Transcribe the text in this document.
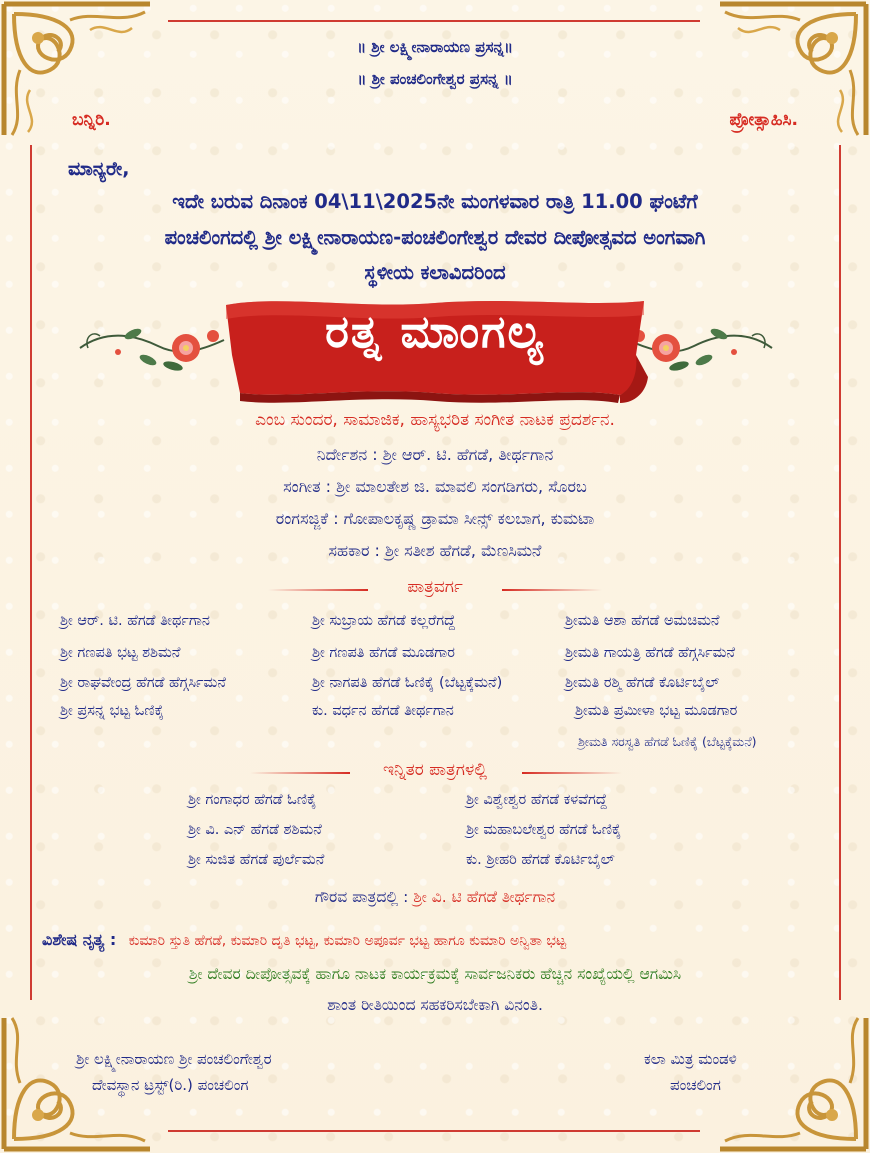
॥ ಶ್ರೀ ಲಕ್ಷ್ಮೀನಾರಾಯಣ ಪ್ರಸನ್ನ॥
॥ ಶ್ರೀ ಪಂಚಲಿಂಗೇಶ್ವರ ಪ್ರಸನ್ನ ॥
ಬನ್ನಿರಿ.	ಪ್ರೋತ್ಸಾಹಿಸಿ.
ಮಾನ್ಯರೇ,
ಇದೇ ಬರುವ ದಿನಾಂಕ 04\11\2025ನೇ ಮಂಗಳವಾರ ರಾತ್ರಿ 11.00 ಘಂಟೆಗೆ
ಪಂಚಲಿಂಗದಲ್ಲಿ ಶ್ರೀ ಲಕ್ಷ್ಮೀನಾರಾಯಣ-ಪಂಚಲಿಂಗೇಶ್ವರ ದೇವರ ದೀಪೋತ್ಸವದ ಅಂಗವಾಗಿ
ಸ್ಥಳೀಯ ಕಲಾವಿದರಿಂದ
ರತ್ನ ಮಾಂಗಲ್ಯ
ಎಂಬ ಸುಂದರ, ಸಾಮಾಜಿಕ, ಹಾಸ್ಯಭರಿತ ಸಂಗೀತ ನಾಟಕ ಪ್ರದರ್ಶನ.
ನಿರ್ದೇಶನ : ಶ್ರೀ ಆರ್. ಟಿ. ಹೆಗಡೆ, ತೀರ್ಥಗಾನ
ಸಂಗೀತ : ಶ್ರೀ ಮಾಲತೇಶ ಜಿ. ಮಾವಲಿ ಸಂಗಡಿಗರು, ಸೊರಬ
ರಂಗಸಜ್ಜಿಕೆ : ಗೋಪಾಲಕೃಷ್ಣ ಡ್ರಾಮಾ ಸೀನ್ಸ್ ಕಲಬಾಗ, ಕುಮಟಾ
ಸಹಕಾರ : ಶ್ರೀ ಸತೀಶ ಹೆಗಡೆ, ಮೆಣಸಿಮನೆ
ಪಾತ್ರವರ್ಗ
ಶ್ರೀ ಆರ್. ಟಿ. ಹೆಗಡೆ ತೀರ್ಥಗಾನ
ಶ್ರೀ ಗಣಪತಿ ಭಟ್ಟ ಶಶಿಮನೆ
ಶ್ರೀ ರಾಘವೇಂದ್ರ ಹೆಗಡೆ ಹೆಗ್ಗರ್ಸಿಮನೆ
ಶ್ರೀ ಪ್ರಸನ್ನ ಭಟ್ಟ ಓಣಿಕೈ
ಶ್ರೀ ಸುಬ್ರಾಯ ಹೆಗಡೆ ಕಲ್ಲರೆಗದ್ದೆ
ಶ್ರೀ ಗಣಪತಿ ಹೆಗಡೆ ಮೂಡಗಾರ
ಶ್ರೀ ನಾಗಪತಿ ಹೆಗಡೆ ಓಣಿಕೈ (ಬೆಟ್ಟಕ್ಕೆಮನೆ)
ಕು. ವರ್ಧನ ಹೆಗಡೆ ತೀರ್ಥಗಾನ
ಶ್ರೀಮತಿ ಆಶಾ ಹೆಗಡೆ ಅಮಚಿಮನೆ
ಶ್ರೀಮತಿ ಗಾಯತ್ರಿ ಹೆಗಡೆ ಹೆಗ್ಗರ್ಸಿಮನೆ
ಶ್ರೀಮತಿ ರಶ್ಮಿ ಹೆಗಡೆ ಕೊರ್ಟಿಬೈಲ್
ಶ್ರೀಮತಿ ಪ್ರಮೀಳಾ ಭಟ್ಟ ಮೂಡಗಾರ
ಶ್ರೀಮತಿ ಸರಸ್ವತಿ ಹೆಗಡೆ ಓಣಿಕೈ (ಬೆಟ್ಟಕ್ಕೆಮನೆ)
ಇನ್ನಿತರ ಪಾತ್ರಗಳಲ್ಲಿ
ಶ್ರೀ ಗಂಗಾಧರ ಹೆಗಡೆ ಓಣಿಕೈ
ಶ್ರೀ ವಿ. ಎನ್ ಹೆಗಡೆ ಶಶಿಮನೆ
ಶ್ರೀ ಸುಜಿತ ಹೆಗಡೆ ಪುರ್ಲೆಮನೆ
ಶ್ರೀ ವಿಶ್ವೇಶ್ವರ ಹೆಗಡೆ ಕಳವೆಗದ್ದೆ
ಶ್ರೀ ಮಹಾಬಲೇಶ್ವರ ಹೆಗಡೆ ಓಣಿಕೈ
ಕು. ಶ್ರೀಹರಿ ಹೆಗಡೆ ಕೊರ್ಟಿಬೈಲ್
ಗೌರವ ಪಾತ್ರದಲ್ಲಿ : ಶ್ರೀ ವಿ. ಟಿ ಹೆಗಡೆ ತೀರ್ಥಗಾನ
ವಿಶೇಷ ನೃತ್ಯ : ಕುಮಾರಿ ಸ್ತುತಿ ಹೆಗಡೆ, ಕುಮಾರಿ ದೃತಿ ಭಟ್ಟ, ಕುಮಾರಿ ಅಪೂರ್ವ ಭಟ್ಟ ಹಾಗೂ ಕುಮಾರಿ ಅನ್ವಿತಾ ಭಟ್ಟ
ಶ್ರೀ ದೇವರ ದೀಪೋತ್ಸವಕ್ಕೆ ಹಾಗೂ ನಾಟಕ ಕಾರ್ಯಕ್ರಮಕ್ಕೆ ಸಾರ್ವಜನಿಕರು ಹೆಚ್ಚಿನ ಸಂಖ್ಯೆಯಲ್ಲಿ ಆಗಮಿಸಿ
ಶಾಂತ ರೀತಿಯಿಂದ ಸಹಕರಿಸಬೇಕಾಗಿ ವಿನಂತಿ.
ಶ್ರೀ ಲಕ್ಷ್ಮೀನಾರಾಯಣ ಶ್ರೀ ಪಂಚಲಿಂಗೇಶ್ವರ
ದೇವಸ್ಥಾನ ಟ್ರಸ್ಟ್(ರಿ.) ಪಂಚಲಿಂಗ
ಕಲಾ ಮಿತ್ರ ಮಂಡಳಿ
ಪಂಚಲಿಂಗ
